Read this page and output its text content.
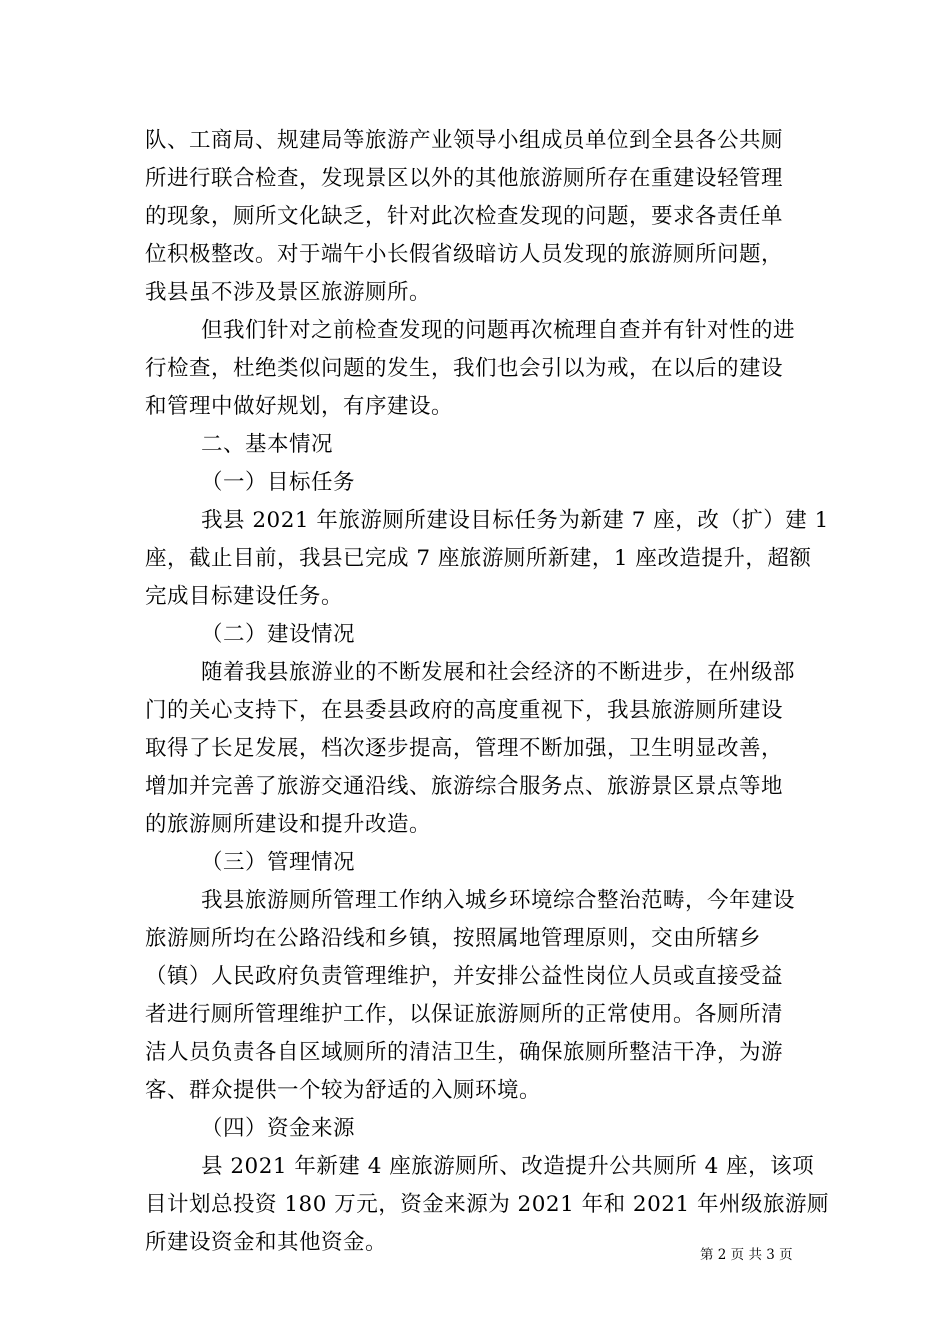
队、工商局、规建局等旅游产业领导小组成员单位到全县各公共厕
所进行联合检查，发现景区以外的其他旅游厕所存在重建设轻管理
的现象，厕所文化缺乏，针对此次检查发现的问题，要求各责任单
位积极整改。对于端午小长假省级暗访人员发现的旅游厕所问题，
我县虽不涉及景区旅游厕所。
但我们针对之前检查发现的问题再次梳理自查并有针对性的进
行检查，杜绝类似问题的发生，我们也会引以为戒，在以后的建设
和管理中做好规划，有序建设。
二、基本情况
（一）目标任务
我县 2021 年旅游厕所建设目标任务为新建 7 座，改（扩）建 1
座，截止目前，我县已完成 7 座旅游厕所新建，1 座改造提升，超额
完成目标建设任务。
（二）建设情况
随着我县旅游业的不断发展和社会经济的不断进步，在州级部
门的关心支持下，在县委县政府的高度重视下，我县旅游厕所建设
取得了长足发展，档次逐步提高，管理不断加强，卫生明显改善，
增加并完善了旅游交通沿线、旅游综合服务点、旅游景区景点等地
的旅游厕所建设和提升改造。
（三）管理情况
我县旅游厕所管理工作纳入城乡环境综合整治范畴，今年建设
旅游厕所均在公路沿线和乡镇，按照属地管理原则，交由所辖乡
（镇）人民政府负责管理维护，并安排公益性岗位人员或直接受益
者进行厕所管理维护工作，以保证旅游厕所的正常使用。各厕所清
洁人员负责各自区域厕所的清洁卫生，确保旅厕所整洁干净，为游
客、群众提供一个较为舒适的入厕环境。
（四）资金来源
县 2021 年新建 4 座旅游厕所、改造提升公共厕所 4 座，该项
目计划总投资 180 万元，资金来源为 2021 年和 2021 年州级旅游厕
所建设资金和其他资金。	第 2 页 共 3 页
